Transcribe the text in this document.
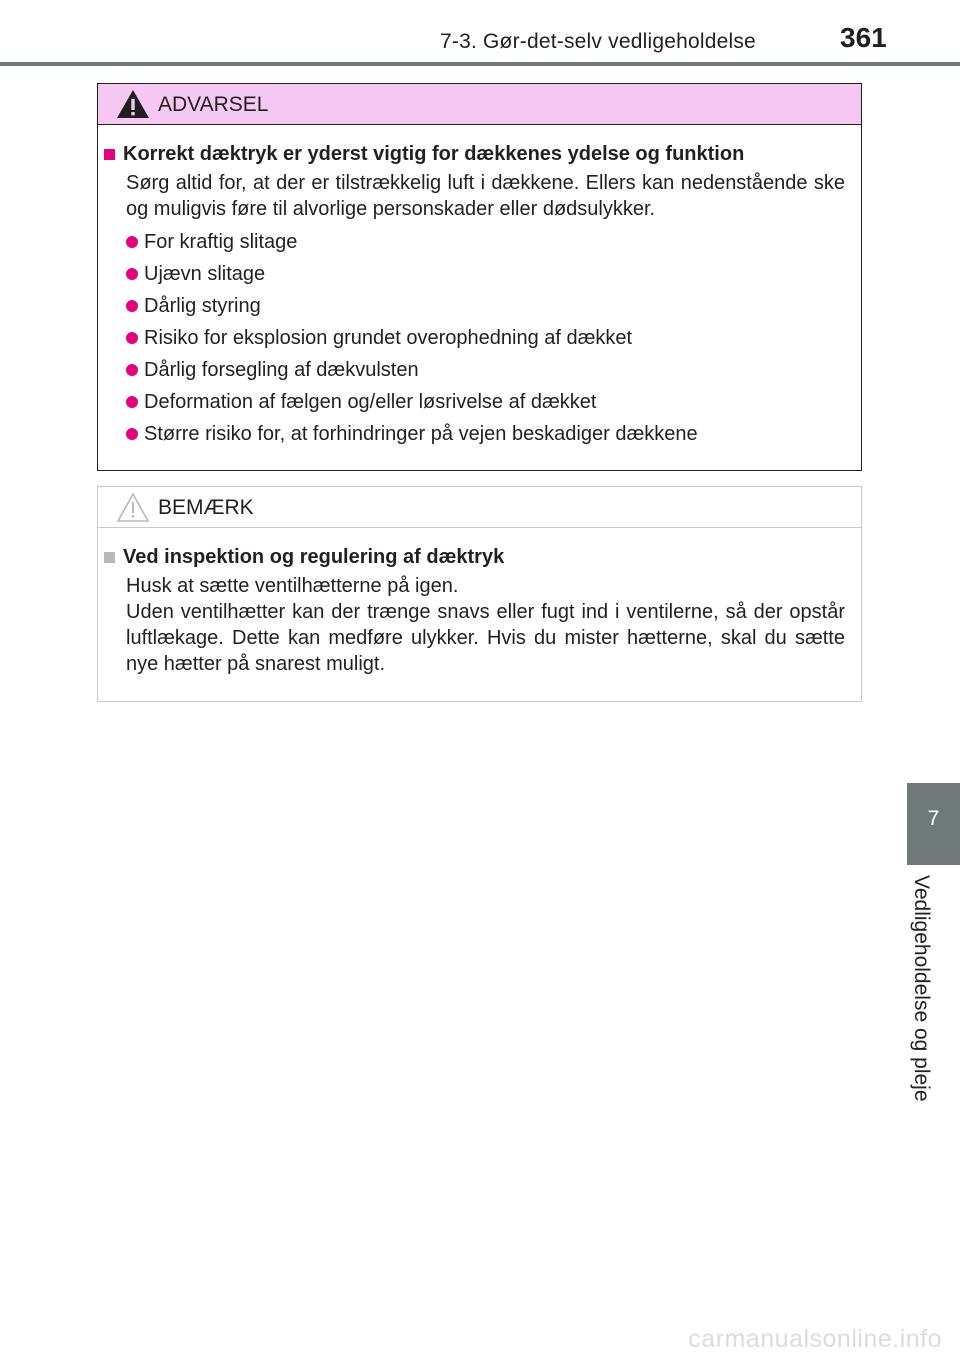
7-3. Gør-det-selv vedligeholdelse	361
ADVARSEL
Korrekt dæktryk er yderst vigtig for dækkenes ydelse og funktion

Sørg altid for, at der er tilstrækkelig luft i dækkene. Ellers kan nedenstående ske og muligvis føre til alvorlige personskader eller dødsulykker.

For kraftig slitage
Ujævn slitage
Dårlig styring
Risiko for eksplosion grundet overophedning af dækket
Dårlig forsegling af dækvulsten
Deformation af fælgen og/eller løsrivelse af dækket
Større risiko for, at forhindringer på vejen beskadiger dækkene
BEMÆRK
Ved inspektion og regulering af dæktryk

Husk at sætte ventilhætterne på igen.

Uden ventilhætter kan der trænge snavs eller fugt ind i ventilerne, så der opstår luftlækage. Dette kan medføre ulykker. Hvis du mister hætterne, skal du sætte nye hætter på snarest muligt.

7
Vedligeholdelse og pleje
carmanualsonline.info
